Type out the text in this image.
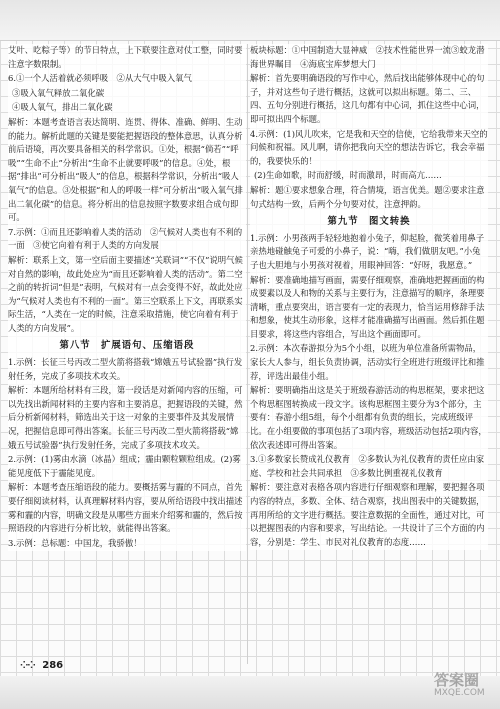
艾叶、吃粽子等）的节日特点，上下联要注意对仗工整，同时要注意字数限制。

6.①一个人活着就必须呼吸　②从大气中吸入氧气

③吸入氧气释放二氧化碳

④吸人氧气，排出二氧化碳

解析：本题考查语言表达简明、连贯、得体、准确、鲜明、生动的能力。解析此题的关键是要能把握语段的整体意思，认真分析前后语境，再次要具备相关的科学常识。①处，根据“倘若”“呼吸”“生命不止”分析出“生命不止就要呼吸”的信息。④处，根据“排出”可分析出“吸人”的信息，根据科学常识，分析出“吸人氧气”的信息。③处根据“和人的呼吸一样”可分析出“吸入氧气排出二氧化碳”的信息。将分析出的信息按照字数要求组合成句即可。

7.示例：①而且还影响着人类的活动　②气候对人类也有不利的一面　③使它向着有利于人类的方向发展

解析：联系上文，第一空后面主要描述“关联词”“不仅”说明气候对自然的影响，故此处应为“而且还影响着人类的活动”。第二空之前的转折词“但是”表明，气候对有一点会变得不好，故此处应为“气候对人类也有不利的一面”。第三空联系上下文，再联系实际生活，“人类在一定的时候，注意采取措施，使它向着有利于人类的方向发展”。

第八节　扩展语句、压缩语段

1.示例：长征三号丙改二型火箭将搭载“嫦娥五号试验器”执行发射任务，完成了多项技术攻关。

解析：本题所给材料有三段，第一段话是对新闻内容的压缩，可以先找出新闻材料的主要内容和主要消息，把握语段的关键，然后分析新闻材料，筛选出关于这一对象的主要事件及其发展情况，把握信息即可得出答案。长征三号丙改二型火箭将搭载“嫦娥五号试验器”执行发射任务，完成了多项技术攻关。

2.示例：(1)雾由水滴（冰晶）组成；霾由颗粒颗粒组成。(2)雾能见度低下于霾能见度。

解析：本题考查压缩语段的能力。要概括雾与霾的不同点，首先要仔细阅读材料，认真理解材料内容，要从所给语段中找出描述雾和霾的内容，明确文段是从哪些方面来介绍雾和霾的，然后按照语段的内容进行分析比较，就能得出答案。

3.示例：总标题：中国龙，我骄傲！

板块标题：①中国制造大显神威　②技术性能世界一流③蛟龙潜海世界瞩目　④海底宝库梦想大门

解析：首先要明确语段的写作中心，然后找出能够体现中心的句子，并对这些句子进行概括，这就可以拟出标题。第二、三、四、五句分别进行概括，这几句都有中心词，抓住这些中心词，即可拟出四个标题。

4.示例：(1)风儿吹来，它是我和天空的信使，它给我带来天空的问候和祝福。风儿啊，请你把我向天空的想法告诉它，我会幸福的，我要快乐的！

(2)生命如歌，时而舒缓，时而激昂，时而高亢……

解析：题①要求想象合理，符合情境，语言优美。题②要求注意句式结构一致，后两个分句要对仗，注意押韵。

第九节　图文转换

1.示例：小男孩两手轻轻地抱着小兔子，仰起脸，微笑着用鼻子亲热地碰触兔子可爱的小鼻子，说：“嗨，我们做朋友吧。”小兔子也大胆地与小男孩对视着，用眼神回答：“好呀，我愿意。”

解析：要准确地描写画面，需要仔细观察，准确地把握画面的构成要素以及人和物的关系与主要行为，注意描写的顺序，条理要清晰，重点要突出，语言要有一定的表现力，恰当运用修辞手法和想象，使其生动形象，这样才能准确描写出画面。然后抓住题目要求，将这些内容组合，写出这个画面即可。

2.示例：本次春游拟分为5个小组，以班为单位准备所需物品，家长大人参与，组长负责协调，活动实行全班进行班级评比和推荐，评选出最佳小组。

解析：要明确指出这是关于班级春游活动的构思框架，要求把这个构思框图转换成一段文字。该构思框图主要分为3个部分，主要有：春游小组5组，每个小组都有负责的组长，完成班级评比。在小组要做的事项包括了3项内容，班级活动包括2项内容，依次表述即可得出答案。

3.①多数家长赞成礼仪教育　②多数认为礼仪教育的责任应由家庭、学校和社会共同承担　③多数比例重视礼仪教育

解析：要注意对表格各项内容进行仔细观察和理解，要把握各项内容的特点，多数、全体、结合观察，找出图表中的关键数据，再用所给的文字进行概括。要注意数据的全面性，通过对比，可以把握图表的内容和要求，写出结论。一共设计了三个方面的内容，分别是：学生、市民对礼仪教育的态度……

⁘⁘ 286
答案圈
MXQE.COM
